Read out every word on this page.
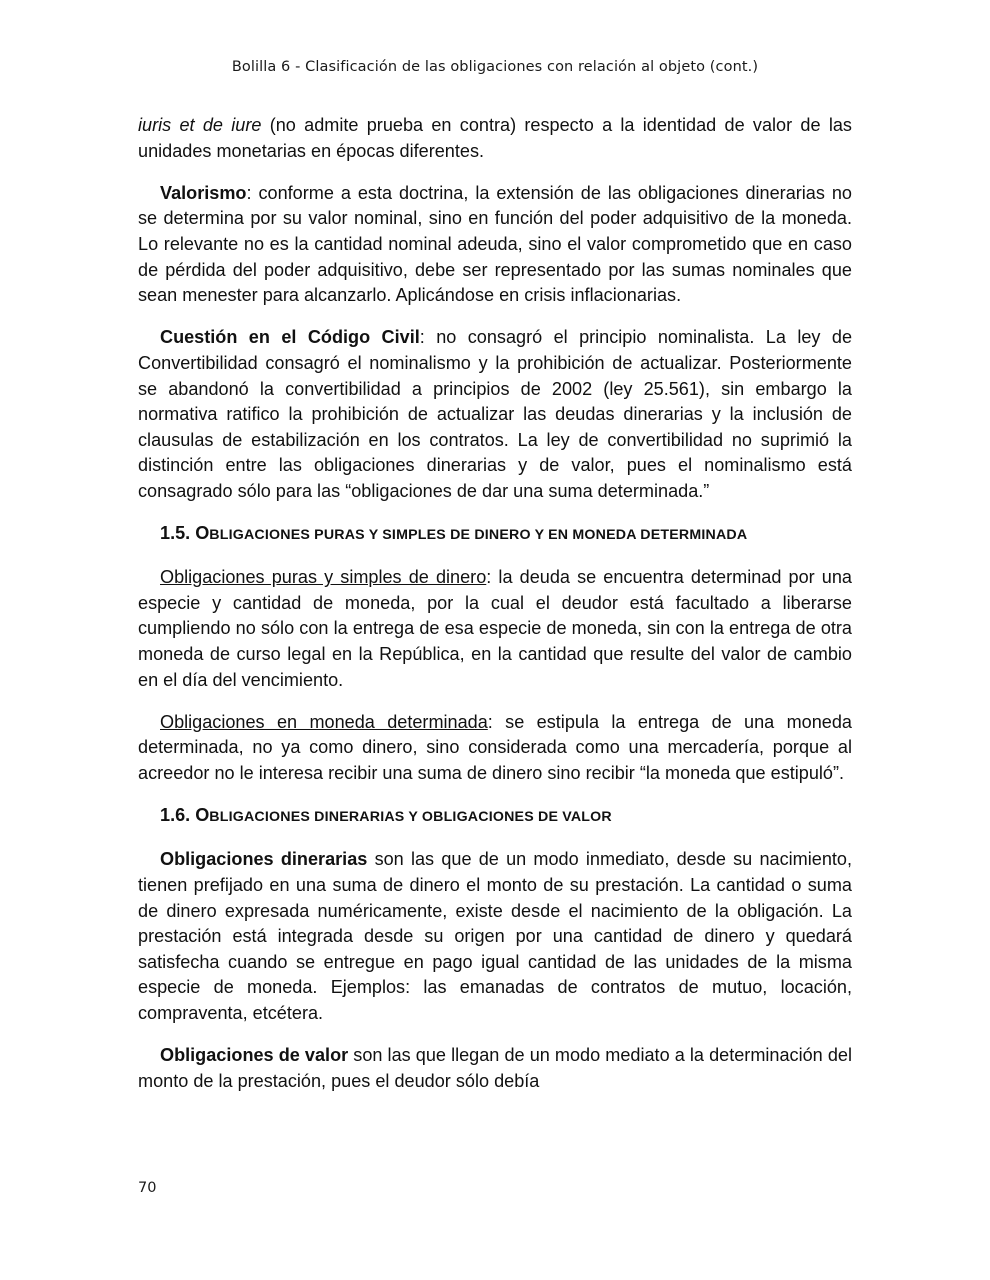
Bolilla 6 - Clasificación de las obligaciones con relación al objeto (cont.)

iuris et de iure (no admite prueba en contra) respecto a la identidad de valor de las unidades monetarias en épocas diferentes.

Valorismo: conforme a esta doctrina, la extensión de las obligaciones dinerarias no se determina por su valor nominal, sino en función del poder adquisitivo de la moneda. Lo relevante no es la cantidad nominal adeuda, sino el valor comprometido que en caso de pérdida del poder adquisitivo, debe ser representado por las sumas nominales que sean menester para alcanzarlo. Aplicándose en crisis inflacionarias.

Cuestión en el Código Civil: no consagró el principio nominalista. La ley de Convertibilidad consagró el nominalismo y la prohibición de actualizar. Posteriormente se abandonó la convertibilidad a principios de 2002 (ley 25.561), sin embargo la normativa ratifico la prohibición de actualizar las deudas dinerarias y la inclusión de clausulas de estabilización en los contratos. La ley de convertibilidad no suprimió la distinción entre las obligaciones dinerarias y de valor, pues el nominalismo está consagrado sólo para las “obligaciones de dar una suma determinada.”

1.5. OBLIGACIONES PURAS Y SIMPLES DE DINERO Y EN MONEDA DETERMINADA

Obligaciones puras y simples de dinero: la deuda se encuentra determinad por una especie y cantidad de moneda, por la cual el deudor está facultado a liberarse cumpliendo no sólo con la entrega de esa especie de moneda, sin con la entrega de otra moneda de curso legal en la República, en la cantidad que resulte del valor de cambio en el día del vencimiento.

Obligaciones en moneda determinada: se estipula la entrega de una moneda determinada, no ya como dinero, sino considerada como una mercadería, porque al acreedor no le interesa recibir una suma de dinero sino recibir “la moneda que estipuló”.

1.6. OBLIGACIONES DINERARIAS Y OBLIGACIONES DE VALOR

Obligaciones dinerarias son las que de un modo inmediato, desde su nacimiento, tienen prefijado en una suma de dinero el monto de su prestación. La cantidad o suma de dinero expresada numéricamente, existe desde el nacimiento de la obligación. La prestación está integrada desde su origen por una cantidad de dinero y quedará satisfecha cuando se entregue en pago igual cantidad de las unidades de la misma especie de moneda. Ejemplos: las emanadas de contratos de mutuo, locación, compraventa, etcétera.

Obligaciones de valor son las que llegan de un modo mediato a la determinación del monto de la prestación, pues el deudor sólo debía

70
